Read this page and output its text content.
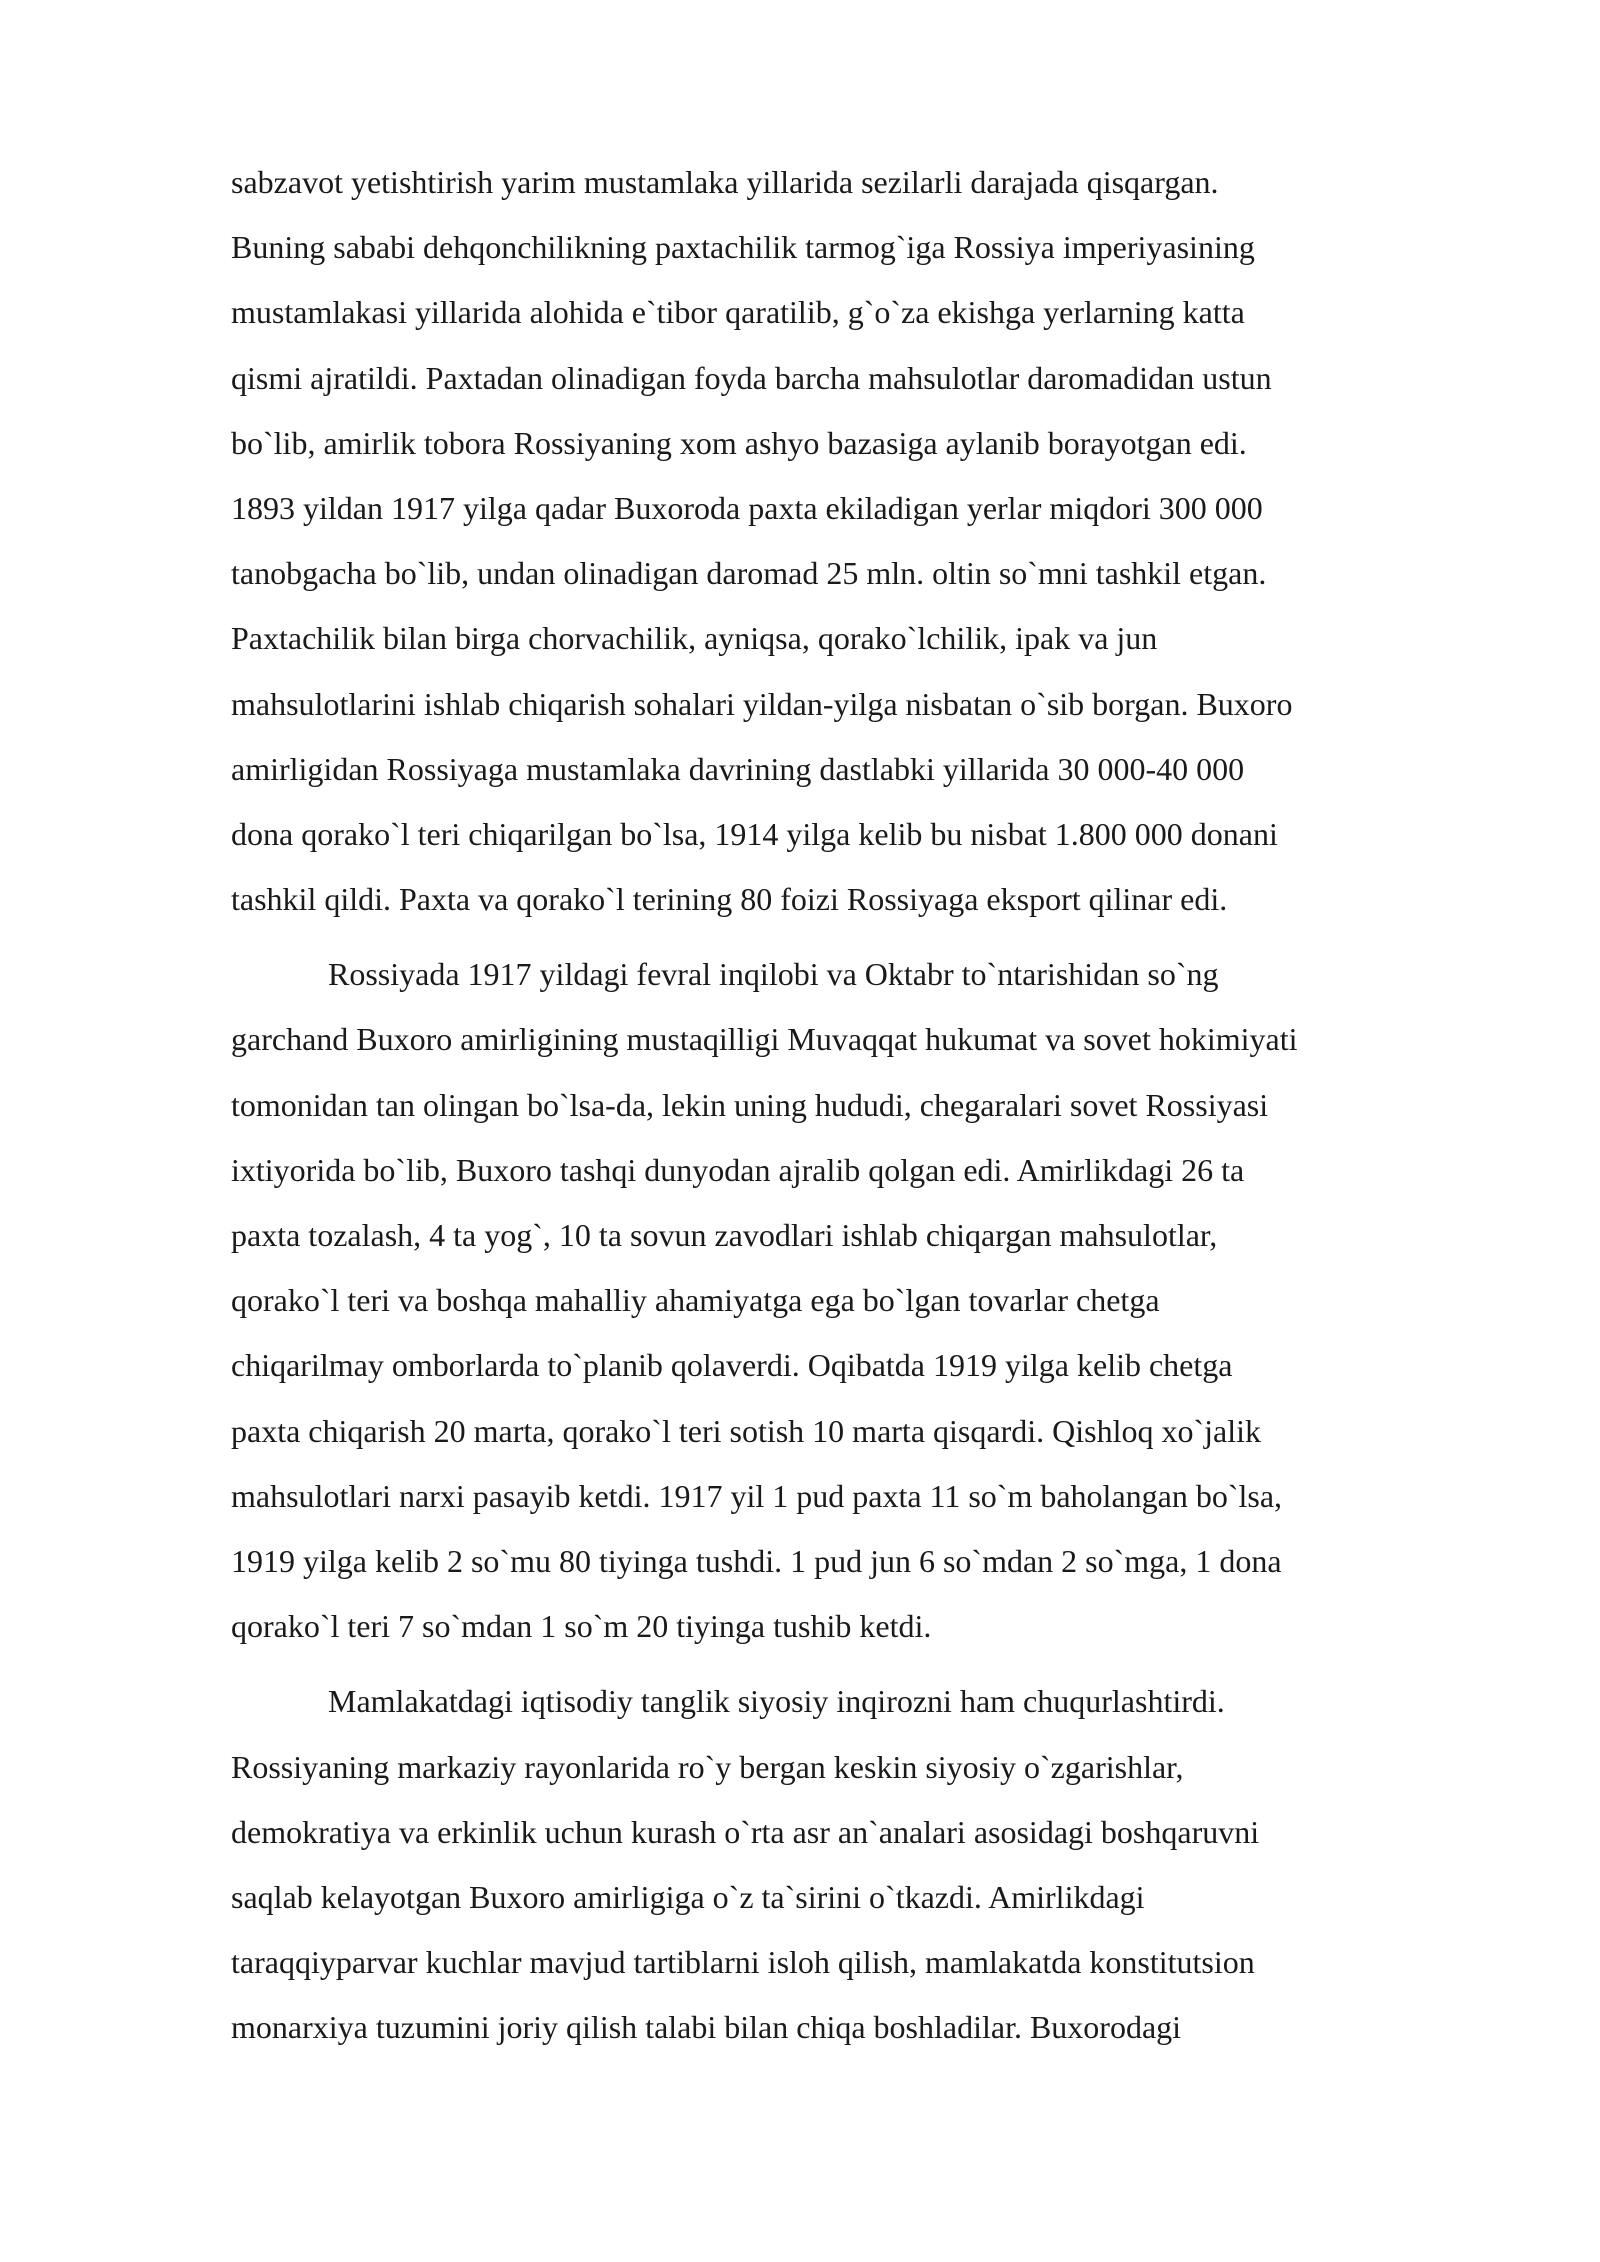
sabzavot yetishtirish yarim mustamlaka yillarida sezilarli darajada qisqargan.
Buning sababi dehqonchilikning paxtachilik tarmog`iga Rossiya imperiyasining
mustamlakasi yillarida alohida e`tibor qaratilib, g`o`za ekishga yerlarning katta
qismi ajratildi. Paxtadan olinadigan foyda barcha mahsulotlar daromadidan ustun
bo`lib, amirlik tobora Rossiyaning xom ashyo bazasiga aylanib borayotgan edi.
1893 yildan 1917 yilga qadar Buxoroda paxta ekiladigan yerlar miqdori 300 000
tanobgacha bo`lib, undan olinadigan daromad 25 mln. oltin so`mni tashkil etgan.
Paxtachilik bilan birga chorvachilik, ayniqsa, qorako`lchilik, ipak va jun
mahsulotlarini ishlab chiqarish sohalari yildan-yilga nisbatan o`sib borgan. Buxoro
amirligidan Rossiyaga mustamlaka davrining dastlabki yillarida 30 000-40 000
dona qorako`l teri chiqarilgan bo`lsa, 1914 yilga kelib bu nisbat 1.800 000 donani
tashkil qildi. Paxta va qorako`l terining 80 foizi Rossiyaga eksport qilinar edi.
Rossiyada 1917 yildagi fevral inqilobi va Oktabr to`ntarishidan so`ng
garchand Buxoro amirligining mustaqilligi Muvaqqat hukumat va sovet hokimiyati
tomonidan tan olingan bo`lsa-da, lekin uning hududi, chegaralari sovet Rossiyasi
ixtiyorida bo`lib, Buxoro tashqi dunyodan ajralib qolgan edi. Amirlikdagi 26 ta
paxta tozalash, 4 ta yog`, 10 ta sovun zavodlari ishlab chiqargan mahsulotlar,
qorako`l teri va boshqa mahalliy ahamiyatga ega bo`lgan tovarlar chetga
chiqarilmay omborlarda to`planib qolaverdi. Oqibatda 1919 yilga kelib chetga
paxta chiqarish 20 marta, qorako`l teri sotish 10 marta qisqardi. Qishloq xo`jalik
mahsulotlari narxi pasayib ketdi. 1917 yil 1 pud paxta 11 so`m baholangan bo`lsa,
1919 yilga kelib 2 so`mu 80 tiyinga tushdi. 1 pud jun 6 so`mdan 2 so`mga, 1 dona
qorako`l teri 7 so`mdan 1 so`m 20 tiyinga tushib ketdi.
Mamlakatdagi iqtisodiy tanglik siyosiy inqirozni ham chuqurlashtirdi.
Rossiyaning markaziy rayonlarida ro`y bergan keskin siyosiy o`zgarishlar,
demokratiya va erkinlik uchun kurash o`rta asr an`analari asosidagi boshqaruvni
saqlab kelayotgan Buxoro amirligiga o`z ta`sirini o`tkazdi. Amirlikdagi
taraqqiyparvar kuchlar mavjud tartiblarni isloh qilish, mamlakatda konstitutsion
monarxiya tuzumini joriy qilish talabi bilan chiqa boshladilar. Buxorodagi
